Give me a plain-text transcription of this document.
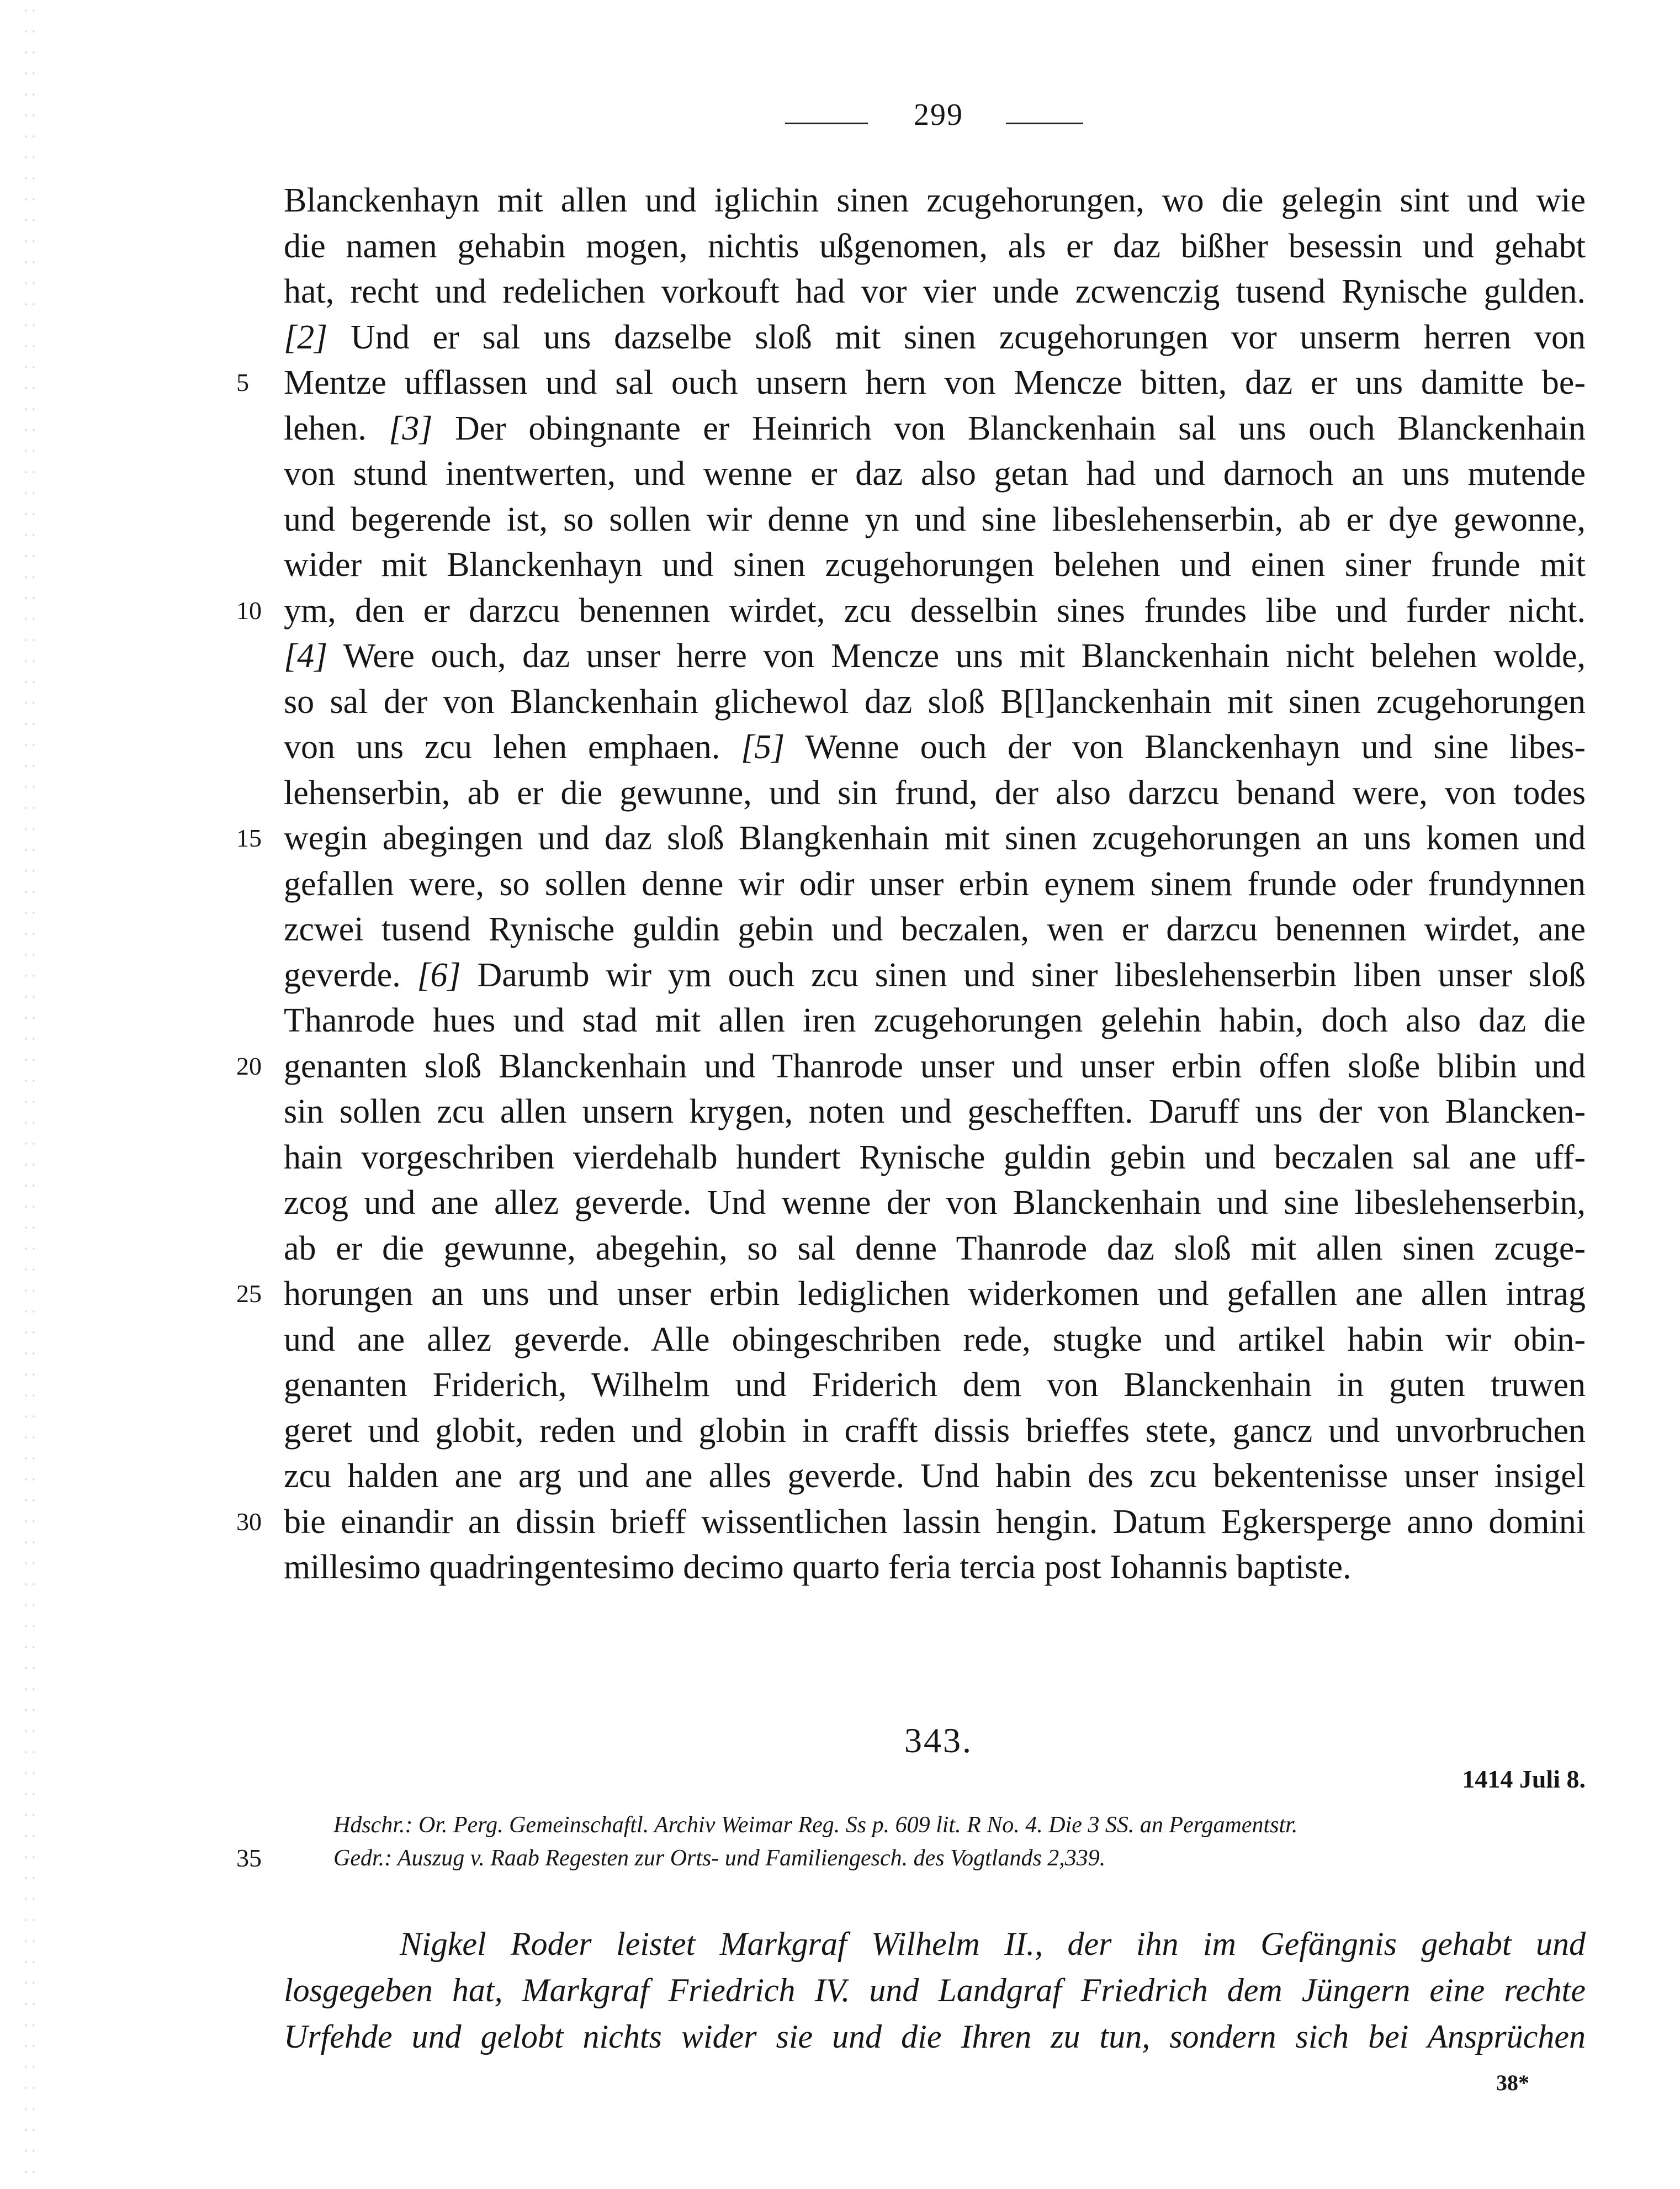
299
Blanckenhayn mit allen und iglichin sinen zcugehorungen, wo die gelegin sint und wie
die namen gehabin mogen, nichtis ußgenomen, als er daz bißher besessin und gehabt
hat, recht und redelichen vorkouft had vor vier unde zcwenczig tusend Rynische gulden.
[2] Und er sal uns dazselbe sloß mit sinen zcugehorungen vor unserm herren von
Mentze ufflassen und sal ouch unsern hern von Mencze bitten, daz er uns damitte be-
lehen. [3] Der obingnante er Heinrich von Blanckenhain sal uns ouch Blanckenhain
von stund inentwerten, und wenne er daz also getan had und darnoch an uns mutende
und begerende ist, so sollen wir denne yn und sine libeslehenserbin, ab er dye gewonne,
wider mit Blanckenhayn und sinen zcugehorungen belehen und einen siner frunde mit
ym, den er darzcu benennen wirdet, zcu desselbin sines frundes libe und furder nicht.
[4] Were ouch, daz unser herre von Mencze uns mit Blanckenhain nicht belehen wolde,
so sal der von Blanckenhain glichewol daz sloß B[l]anckenhain mit sinen zcugehorungen
von uns zcu lehen emphaen. [5] Wenne ouch der von Blanckenhayn und sine libes-
lehenserbin, ab er die gewunne, und sin frund, der also darzcu benand were, von todes
wegin abegingen und daz sloß Blangkenhain mit sinen zcugehorungen an uns komen und
gefallen were, so sollen denne wir odir unser erbin eynem sinem frunde oder frundynnen
zcwei tusend Rynische guldin gebin und beczalen, wen er darzcu benennen wirdet, ane
geverde. [6] Darumb wir ym ouch zcu sinen und siner libeslehenserbin liben unser sloß
Thanrode hues und stad mit allen iren zcugehorungen gelehin habin, doch also daz die
genanten sloß Blanckenhain und Thanrode unser und unser erbin offen sloße blibin und
sin sollen zcu allen unsern krygen, noten und geschefften. Daruff uns der von Blancken-
hain vorgeschriben vierdehalb hundert Rynische guldin gebin und beczalen sal ane uff-
zcog und ane allez geverde. Und wenne der von Blanckenhain und sine libeslehenserbin,
ab er die gewunne, abegehin, so sal denne Thanrode daz sloß mit allen sinen zcuge-
horungen an uns und unser erbin lediglichen widerkomen und gefallen ane allen intrag
und ane allez geverde. Alle obingeschriben rede, stugke und artikel habin wir obin-
genanten Friderich, Wilhelm und Friderich dem von Blanckenhain in guten truwen
geret und globit, reden und globin in crafft dissis brieffes stete, gancz und unvorbruchen
zcu halden ane arg und ane alles geverde. Und habin des zcu bekentenisse unser insigel
bie einandir an dissin brieff wissentlichen lassin hengin. Datum Egkersperge anno domini
millesimo quadringentesimo decimo quarto feria tercia post Iohannis baptiste.
5
10
15
20
25
30
343.
1414 Juli 8.
Hdschr.: Or. Perg. Gemeinschaftl. Archiv Weimar Reg. Ss p. 609 lit. R No. 4. Die 3 SS. an Pergamentstr.
Gedr.: Auszug v. Raab Regesten zur Orts- und Familiengesch. des Vogtlands 2,339.
35
Nigkel Roder leistet Markgraf Wilhelm II., der ihn im Gefängnis gehabt und
losgegeben hat, Markgraf Friedrich IV. und Landgraf Friedrich dem Jüngern eine rechte
Urfehde und gelobt nichts wider sie und die Ihren zu tun, sondern sich bei Ansprüchen
38*
